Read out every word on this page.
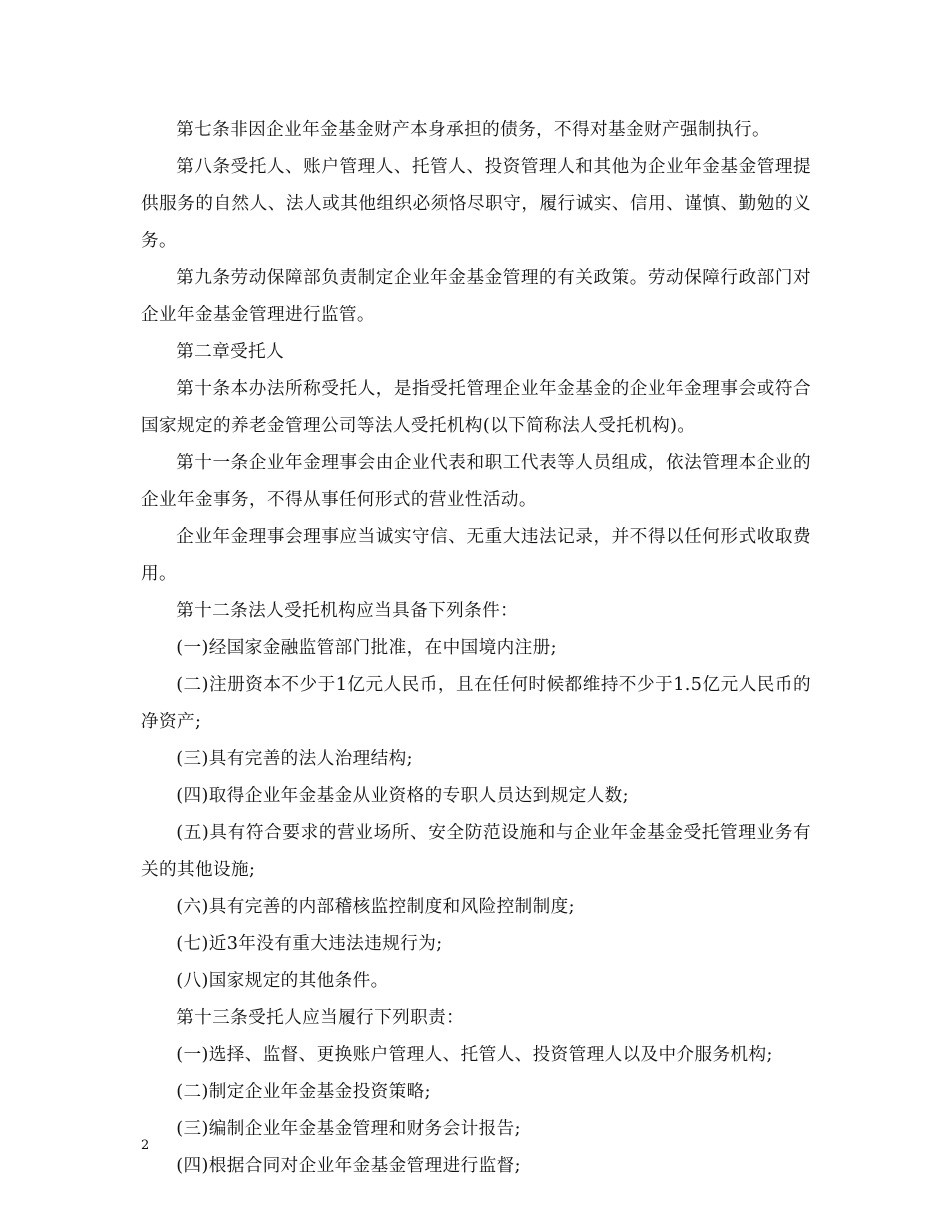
第七条非因企业年金基金财产本身承担的债务，不得对基金财产强制执行。

第八条受托人、账户管理人、托管人、投资管理人和其他为企业年金基金管理提供服务的自然人、法人或其他组织必须恪尽职守，履行诚实、信用、谨慎、勤勉的义务。

第九条劳动保障部负责制定企业年金基金管理的有关政策。劳动保障行政部门对企业年金基金管理进行监管。

第二章受托人

第十条本办法所称受托人，是指受托管理企业年金基金的企业年金理事会或符合国家规定的养老金管理公司等法人受托机构(以下简称法人受托机构)。

第十一条企业年金理事会由企业代表和职工代表等人员组成，依法管理本企业的企业年金事务，不得从事任何形式的营业性活动。

企业年金理事会理事应当诚实守信、无重大违法记录，并不得以任何形式收取费用。

第十二条法人受托机构应当具备下列条件：

(一)经国家金融监管部门批准，在中国境内注册;

(二)注册资本不少于1亿元人民币，且在任何时候都维持不少于1.5亿元人民币的净资产;

(三)具有完善的法人治理结构;

(四)取得企业年金基金从业资格的专职人员达到规定人数;

(五)具有符合要求的营业场所、安全防范设施和与企业年金基金受托管理业务有关的其他设施;

(六)具有完善的内部稽核监控制度和风险控制制度;

(七)近3年没有重大违法违规行为;

(八)国家规定的其他条件。

第十三条受托人应当履行下列职责：

(一)选择、监督、更换账户管理人、托管人、投资管理人以及中介服务机构;

(二)制定企业年金基金投资策略;

(三)编制企业年金基金管理和财务会计报告;

(四)根据合同对企业年金基金管理进行监督;

2
